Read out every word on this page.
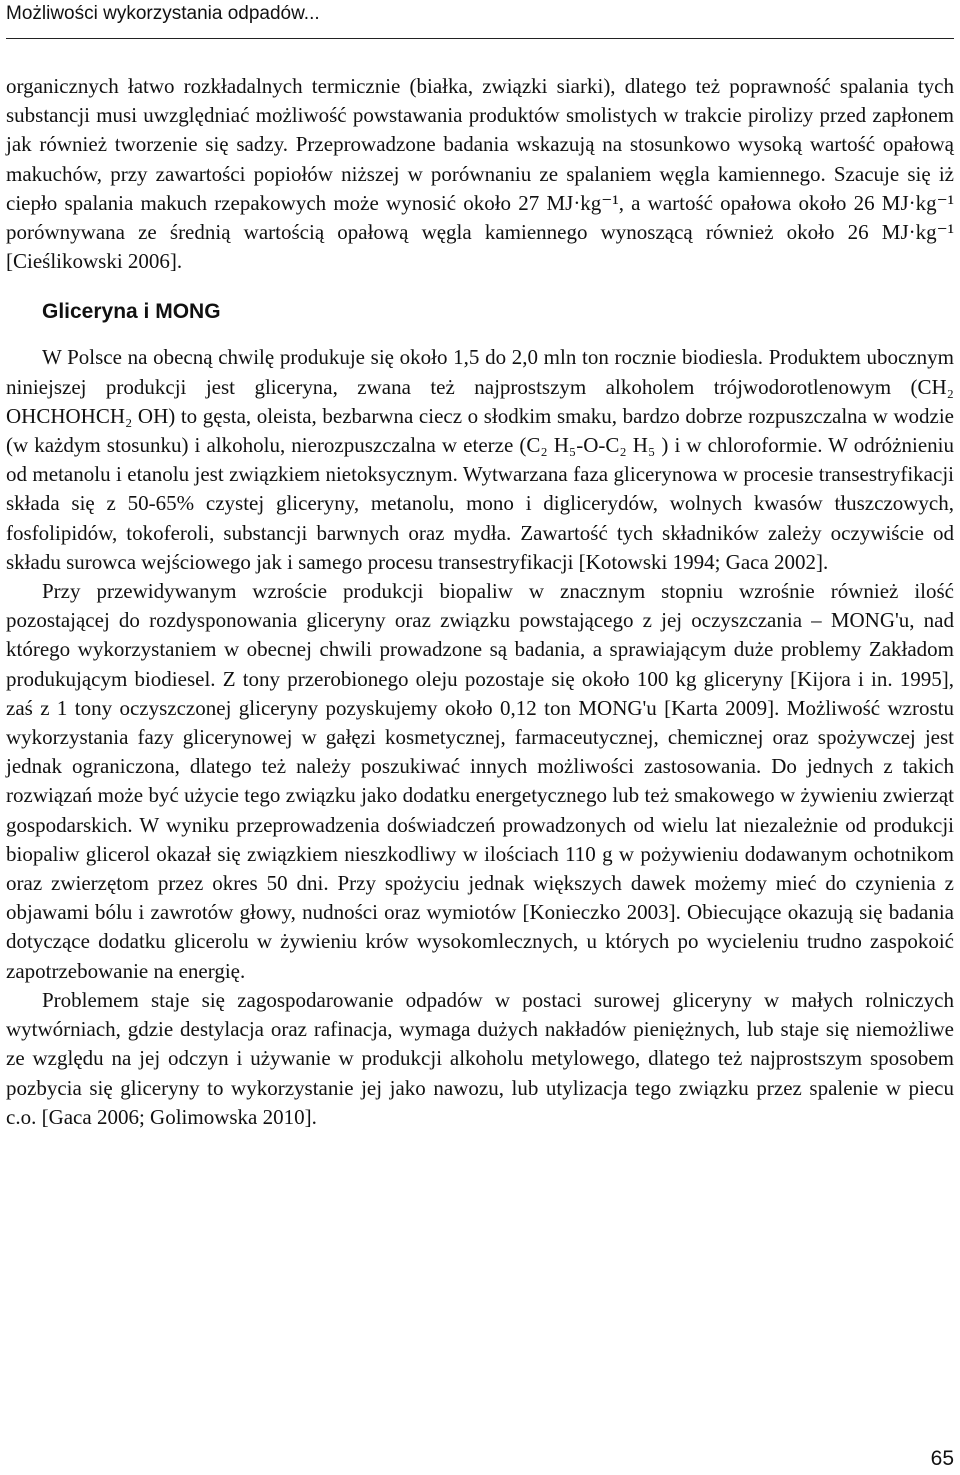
Możliwości wykorzystania odpadów...

organicznych łatwo rozkładalnych termicznie (białka, związki siarki), dlatego też poprawność spalania tych substancji musi uwzględniać możliwość powstawania produktów smolistych w trakcie pirolizy przed zapłonem jak również tworzenie się sadzy. Przeprowadzone badania wskazują na stosunkowo wysoką wartość opałową makuchów, przy zawartości popiołów niższej w porównaniu ze spalaniem węgla kamiennego. Szacuje się iż ciepło spalania makuch rzepakowych może wynosić około 27 MJ·kg⁻¹, a wartość opałowa około 26 MJ·kg⁻¹ porównywana ze średnią wartością opałową węgla kamiennego wynoszącą również około 26 MJ·kg⁻¹ [Cieślikowski 2006].

Gliceryna i MONG

W Polsce na obecną chwilę produkuje się około 1,5 do 2,0 mln ton rocznie biodiesla. Produktem ubocznym niniejszej produkcji jest gliceryna, zwana też najprostszym alkoholem trójwodorotlenowym (CH₂ OHCHOHCH₂ OH) to gęsta, oleista, bezbarwna ciecz o słodkim smaku, bardzo dobrze rozpuszczalna w wodzie (w każdym stosunku) i alkoholu, nierozpuszczalna w eterze (C₂ H₅-O-C₂ H₅ ) i w chloroformie. W odróżnieniu od metanolu i etanolu jest związkiem nietoksycznym. Wytwarzana faza glicerynowa w procesie transestryfikacji składa się z 50-65% czystej gliceryny, metanolu, mono i diglicerydów, wolnych kwasów tłuszczowych, fosfolipidów, tokoferoli, substancji barwnych oraz mydła. Zawartość tych składników zależy oczywiście od składu surowca wejściowego jak i samego procesu transestryfikacji [Kotowski 1994; Gaca 2002].

Przy przewidywanym wzroście produkcji biopaliw w znacznym stopniu wzrośnie również ilość pozostającej do rozdysponowania gliceryny oraz związku powstającego z jej oczyszczania – MONG'u, nad którego wykorzystaniem w obecnej chwili prowadzone są badania, a sprawiającym duże problemy Zakładom produkującym biodiesel. Z tony przerobionego oleju pozostaje się około 100 kg gliceryny [Kijora i in. 1995], zaś z 1 tony oczyszczonej gliceryny pozyskujemy około 0,12 ton MONG'u [Karta 2009]. Możliwość wzrostu wykorzystania fazy glicerynowej w gałęzi kosmetycznej, farmaceutycznej, chemicznej oraz spożywczej jest jednak ograniczona, dlatego też należy poszukiwać innych możliwości zastosowania. Do jednych z takich rozwiązań może być użycie tego związku jako dodatku energetycznego lub też smakowego w żywieniu zwierząt gospodarskich. W wyniku przeprowadzenia doświadczeń prowadzonych od wielu lat niezależnie od produkcji biopaliw glicerol okazał się związkiem nieszkodliwy w ilościach 110 g w pożywieniu dodawanym ochotnikom oraz zwierzętom przez okres 50 dni. Przy spożyciu jednak większych dawek możemy mieć do czynienia z objawami bólu i zawrotów głowy, nudności oraz wymiotów [Konieczko 2003]. Obiecujące okazują się badania dotyczące dodatku glicerolu w żywieniu krów wysokomlecznych, u których po wycieleniu trudno zaspokoić zapotrzebowanie na energię.

Problemem staje się zagospodarowanie odpadów w postaci surowej gliceryny w małych rolniczych wytwórniach, gdzie destylacja oraz rafinacja, wymaga dużych nakładów pieniężnych, lub staje się niemożliwe ze względu na jej odczyn i używanie w produkcji alkoholu metylowego, dlatego też najprostszym sposobem pozbycia się gliceryny to wykorzystanie jej jako nawozu, lub utylizacja tego związku przez spalenie w piecu c.o. [Gaca 2006; Golimowska 2010].

65
